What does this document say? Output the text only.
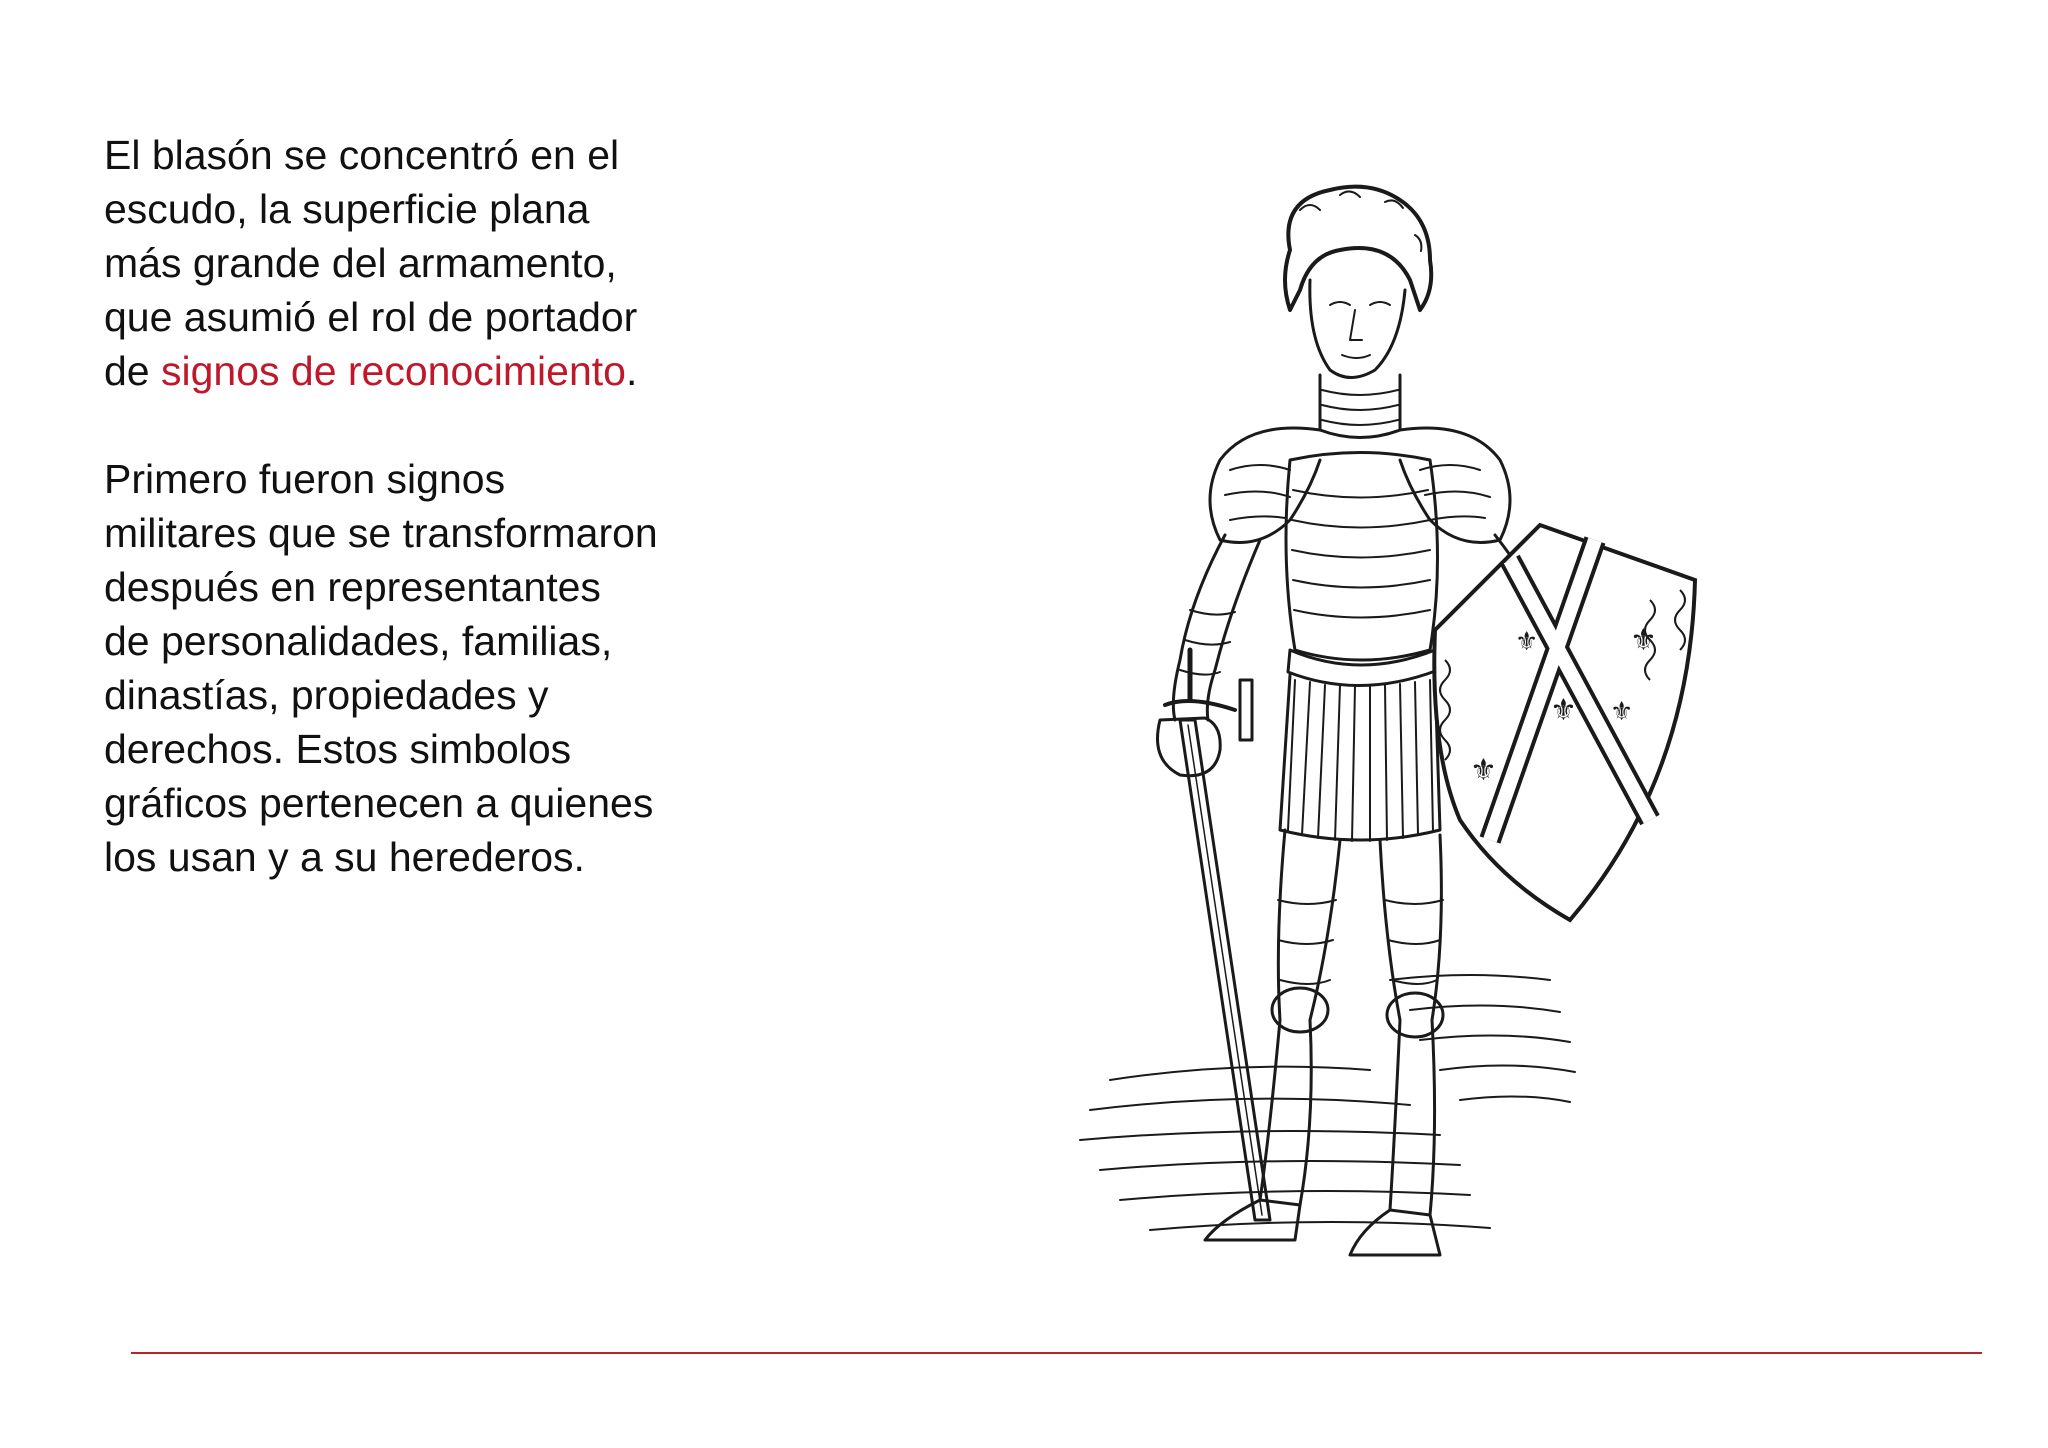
El blasón se concentró en el
escudo, la superficie plana
más grande del armamento,
que asumió el rol de portador
de signos de reconocimiento.

Primero fueron signos
militares que se transformaron
después en representantes
de personalidades, familias,
dinastías, propiedades y
derechos. Estos simbolos
gráficos pertenecen a quienes
los usan y a su herederos.

⚜
⚜
⚜
⚜
⚜
